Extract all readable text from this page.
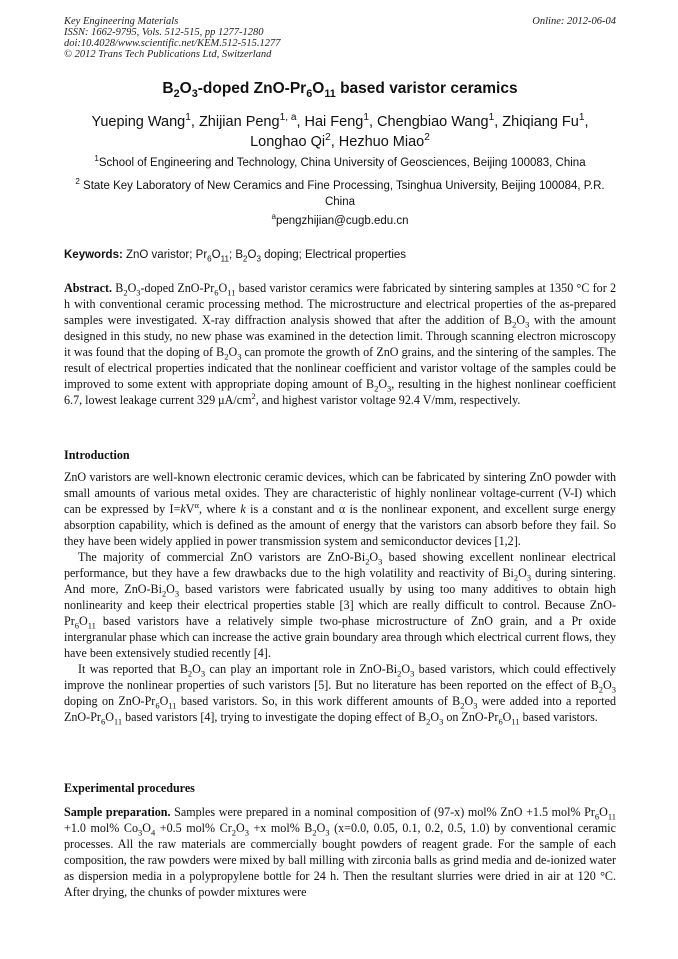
Key Engineering Materials
ISSN: 1662-9795, Vols. 512-515, pp 1277-1280
doi:10.4028/www.scientific.net/KEM.512-515.1277
© 2012 Trans Tech Publications Ltd, Switzerland
Online: 2012-06-04
$B_2O_3$-doped ZnO-$Pr_6O_{11}$ based varistor ceramics
Yueping Wang$^1$, Zhijian Peng$^{1, a}$, Hai Feng$^1$, Chengbiao Wang$^1$, Zhiqiang Fu$^1$,
Longhao Qi$^2$, Hezhuo Miao$^2$
$^1$School of Engineering and Technology, China University of Geosciences, Beijing 100083, China
$^2$ State Key Laboratory of New Ceramics and Fine Processing, Tsinghua University, Beijing 100084, P.R. China
$^a$pengzhijian@cugb.edu.cn
Keywords: ZnO varistor; $Pr_6O_{11}$; $B_2O_3$ doping; Electrical properties

Abstract. $B_2O_3$-doped ZnO-$Pr_6O_{11}$ based varistor ceramics were fabricated by sintering samples at 1350 °C for 2 h with conventional ceramic processing method. The microstructure and electrical properties of the as-prepared samples were investigated. X-ray diffraction analysis showed that after the addition of $B_2O_3$ with the amount designed in this study, no new phase was examined in the detection limit. Through scanning electron microscopy it was found that the doping of $B_2O_3$ can promote the growth of ZnO grains, and the sintering of the samples. The result of electrical properties indicated that the nonlinear coefficient and varistor voltage of the samples could be improved to some extent with appropriate doping amount of $B_2O_3$, resulting in the highest nonlinear coefficient 6.7, lowest leakage current 329 $\mu A/cm^2$, and highest varistor voltage 92.4 V/mm, respectively.

Introduction

ZnO varistors are well-known electronic ceramic devices, which can be fabricated by sintering ZnO powder with small amounts of various metal oxides. They are characteristic of highly nonlinear voltage-current (V-I) which can be expressed by $I=kV^\alpha$, where k is a constant and α is the nonlinear exponent, and excellent surge energy absorption capability, which is defined as the amount of energy that the varistors can absorb before they fail. So they have been widely applied in power transmission system and semiconductor devices [1,2].

The majority of commercial ZnO varistors are ZnO-$Bi_2O_3$ based showing excellent nonlinear electrical performance, but they have a few drawbacks due to the high volatility and reactivity of $Bi_2O_3$ during sintering. And more, ZnO-$Bi_2O_3$ based varistors were fabricated usually by using too many additives to obtain high nonlinearity and keep their electrical properties stable [3] which are really difficult to control. Because ZnO-$Pr_6O_{11}$ based varistors have a relatively simple two-phase microstructure of ZnO grain, and a Pr oxide intergranular phase which can increase the active grain boundary area through which electrical current flows, they have been extensively studied recently [4].

It was reported that $B_2O_3$ can play an important role in ZnO-$Bi_2O_3$ based varistors, which could effectively improve the nonlinear properties of such varistors [5]. But no literature has been reported on the effect of $B_2O_3$ doping on ZnO-$Pr_6O_{11}$ based varistors. So, in this work different amounts of $B_2O_3$ were added into a reported ZnO-$Pr_6O_{11}$ based varistors [4], trying to investigate the doping effect of $B_2O_3$ on ZnO-$Pr_6O_{11}$ based varistors.

Experimental procedures

Sample preparation. Samples were prepared in a nominal composition of (97-x) mol% ZnO +1.5 mol% $Pr_6O_{11} +1.0$ mol% $Co_3O_4 +0.5$ mol% $Cr_2O_3 +x$ mol% $B_2O_3$ (x=0.0, 0.05, 0.1, 0.2, 0.5, 1.0) by conventional ceramic processes. All the raw materials are commercially bought powders of reagent grade. For the sample of each composition, the raw powders were mixed by ball milling with zirconia balls as grind media and de-ionized water as dispersion media in a polypropylene bottle for 24 h. Then the resultant slurries were dried in air at 120 °C. After drying, the chunks of powder mixtures were
